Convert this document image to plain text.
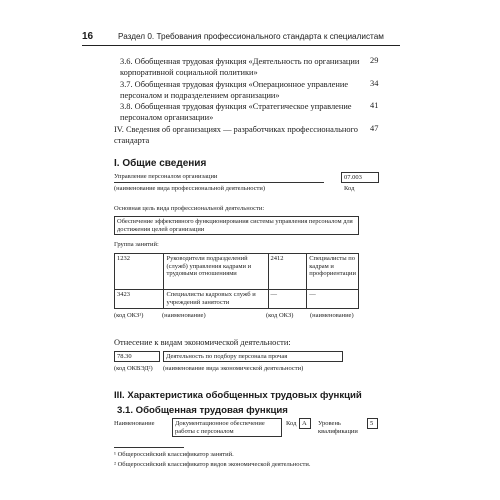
16	Раздел 0. Требования профессионального стандарта к специалистам
3.6. Обобщенная трудовая функция «Деятельность по организации корпоративной социальной политики»
29
3.7. Обобщенная трудовая функция «Операционное управление персоналом и подразделением организации»
34
3.8. Обобщенная трудовая функция «Стратегическое управление персоналом организации»
41
IV. Сведения об организациях — разработчиках профессионального стандарта
47
I. Общие сведения
Управление персоналом организации	07.003
(наименование вида профессиональной деятельности)	Код
Основная цель вида профессиональной деятельности:
Обеспечение эффективного функционирования системы управления персоналом для достижения целей организации
Группа занятий:
1232	Руководители подразделений (служб) управления кадрами и трудовыми отношениями	2412	Специалисты по кадрам и профориентации
3423	Специалисты кадровых служб и учреждений занятости	—	—
(код ОКЗ¹)	(наименование)	(код ОКЗ)	(наименование)
Отнесение к видам экономической деятельности:
78.30	Деятельность по подбору персонала прочая
(код ОКВЭД²) (наименование вида экономической деятельности)
III. Характеристика обобщенных трудовых функций
3.1. Обобщенная трудовая функция
Наименование	Документационное обеспечение работы с персоналом
Код А	Уровень квалификации
5
¹ Общероссийский классификатор занятий.
² Общероссийский классификатор видов экономической деятельности.
